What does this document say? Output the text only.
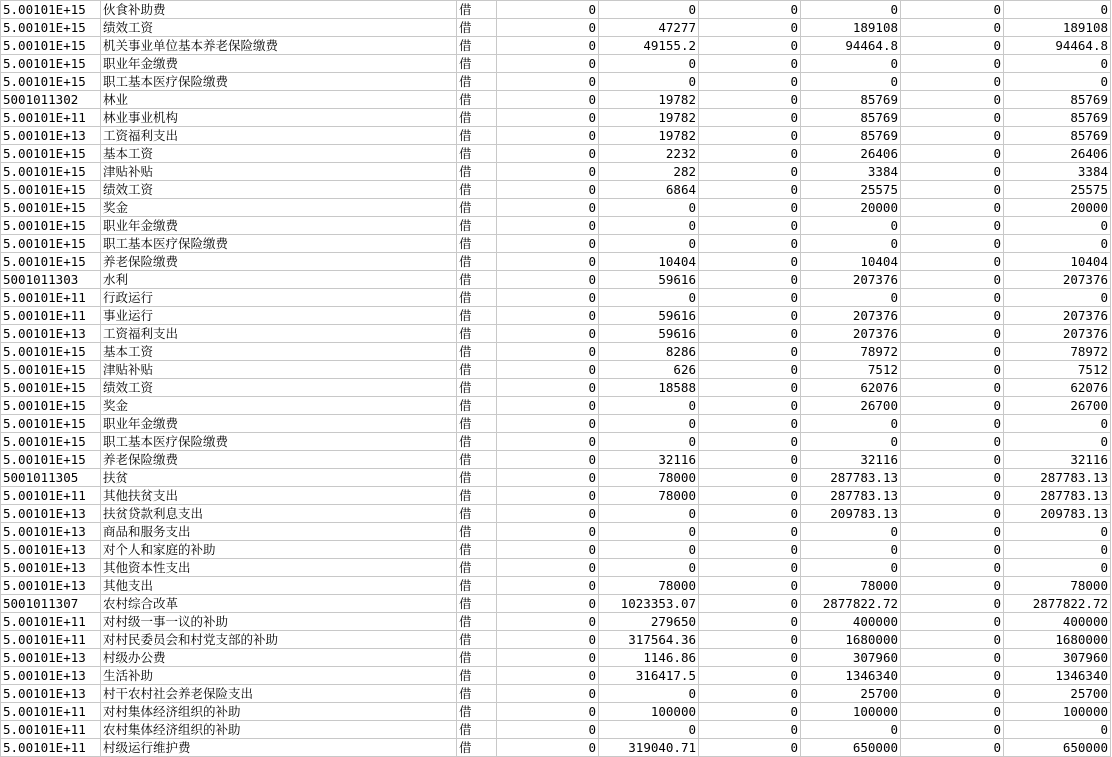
5.00101E+15	伙食补助费	借	0	0	0	0	0	0
5.00101E+15	绩效工资	借	0	47277	0	189108	0	189108
5.00101E+15	机关事业单位基本养老保险缴费	借	0	49155.2	0	94464.8	0	94464.8
5.00101E+15	职业年金缴费	借	0	0	0	0	0	0
5.00101E+15	职工基本医疗保险缴费	借	0	0	0	0	0	0
5001011302	林业	借	0	19782	0	85769	0	85769
5.00101E+11	林业事业机构	借	0	19782	0	85769	0	85769
5.00101E+13	工资福利支出	借	0	19782	0	85769	0	85769
5.00101E+15	基本工资	借	0	2232	0	26406	0	26406
5.00101E+15	津贴补贴	借	0	282	0	3384	0	3384
5.00101E+15	绩效工资	借	0	6864	0	25575	0	25575
5.00101E+15	奖金	借	0	0	0	20000	0	20000
5.00101E+15	职业年金缴费	借	0	0	0	0	0	0
5.00101E+15	职工基本医疗保险缴费	借	0	0	0	0	0	0
5.00101E+15	养老保险缴费	借	0	10404	0	10404	0	10404
5001011303	水利	借	0	59616	0	207376	0	207376
5.00101E+11	行政运行	借	0	0	0	0	0	0
5.00101E+11	事业运行	借	0	59616	0	207376	0	207376
5.00101E+13	工资福利支出	借	0	59616	0	207376	0	207376
5.00101E+15	基本工资	借	0	8286	0	78972	0	78972
5.00101E+15	津贴补贴	借	0	626	0	7512	0	7512
5.00101E+15	绩效工资	借	0	18588	0	62076	0	62076
5.00101E+15	奖金	借	0	0	0	26700	0	26700
5.00101E+15	职业年金缴费	借	0	0	0	0	0	0
5.00101E+15	职工基本医疗保险缴费	借	0	0	0	0	0	0
5.00101E+15	养老保险缴费	借	0	32116	0	32116	0	32116
5001011305	扶贫	借	0	78000	0	287783.13	0	287783.13
5.00101E+11	其他扶贫支出	借	0	78000	0	287783.13	0	287783.13
5.00101E+13	扶贫贷款利息支出	借	0	0	0	209783.13	0	209783.13
5.00101E+13	商品和服务支出	借	0	0	0	0	0	0
5.00101E+13	对个人和家庭的补助	借	0	0	0	0	0	0
5.00101E+13	其他资本性支出	借	0	0	0	0	0	0
5.00101E+13	其他支出	借	0	78000	0	78000	0	78000
5001011307	农村综合改革	借	0	1023353.07	0	2877822.72	0	2877822.72
5.00101E+11	对村级一事一议的补助	借	0	279650	0	400000	0	400000
5.00101E+11	对村民委员会和村党支部的补助	借	0	317564.36	0	1680000	0	1680000
5.00101E+13	村级办公费	借	0	1146.86	0	307960	0	307960
5.00101E+13	生活补助	借	0	316417.5	0	1346340	0	1346340
5.00101E+13	村干农村社会养老保险支出	借	0	0	0	25700	0	25700
5.00101E+11	对村集体经济组织的补助	借	0	100000	0	100000	0	100000
5.00101E+11	农村集体经济组织的补助	借	0	0	0	0	0	0
5.00101E+11	村级运行维护费	借	0	319040.71	0	650000	0	650000
